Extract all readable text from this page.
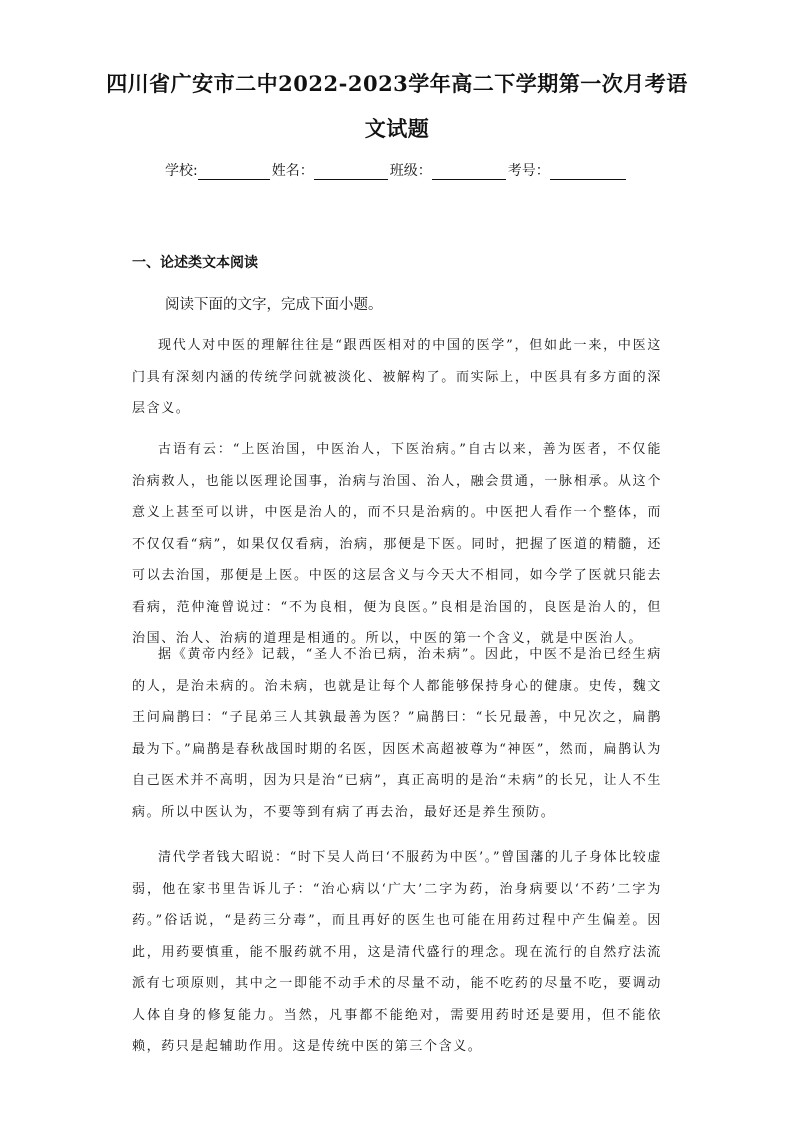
四川省广安市二中2022-2023学年高二下学期第一次月考语
文试题
学校:	姓名：	班级：	考号：
一、论述类文本阅读
阅读下面的文字，完成下面小题。
现代人对中医的理解往往是“跟西医相对的中国的医学”，但如此一来，中医这门具有深刻内涵的传统学问就被淡化、被解构了。而实际上，中医具有多方面的深层含义。
古语有云：“上医治国，中医治人，下医治病。”自古以来，善为医者，不仅能治病救人，也能以医理论国事，治病与治国、治人，融会贯通，一脉相承。从这个意义上甚至可以讲，中医是治人的，而不只是治病的。中医把人看作一个整体，而不仅仅看“病”，如果仅仅看病，治病，那便是下医。同时，把握了医道的精髓，还可以去治国，那便是上医。中医的这层含义与今天大不相同，如今学了医就只能去看病，范仲淹曾说过：“不为良相，便为良医。”良相是治国的，良医是治人的，但治国、治人、治病的道理是相通的。所以，中医的第一个含义，就是中医治人。
据《黄帝内经》记载，“圣人不治已病，治未病”。因此，中医不是治已经生病的人，是治未病的。治未病，也就是让每个人都能够保持身心的健康。史传，魏文王问扁鹊曰：“子昆弟三人其孰最善为医？”扁鹊曰：“长兄最善，中兄次之，扁鹊最为下。”扁鹊是春秋战国时期的名医，因医术高超被尊为“神医”，然而，扁鹊认为自己医术并不高明，因为只是治“已病”，真正高明的是治“未病”的长兄，让人不生病。所以中医认为，不要等到有病了再去治，最好还是养生预防。
清代学者钱大昭说：“时下吴人尚曰‘不服药为中医’。”曾国藩的儿子身体比较虚弱，他在家书里告诉儿子：“治心病以‘广大’二字为药，治身病要以‘不药’二字为药。”俗话说，“是药三分毒”，而且再好的医生也可能在用药过程中产生偏差。因此，用药要慎重，能不服药就不用，这是清代盛行的理念。现在流行的自然疗法流派有七项原则，其中之一即能不动手术的尽量不动，能不吃药的尽量不吃，要调动人体自身的修复能力。当然，凡事都不能绝对，需要用药时还是要用，但不能依赖，药只是起辅助作用。这是传统中医的第三个含义。
